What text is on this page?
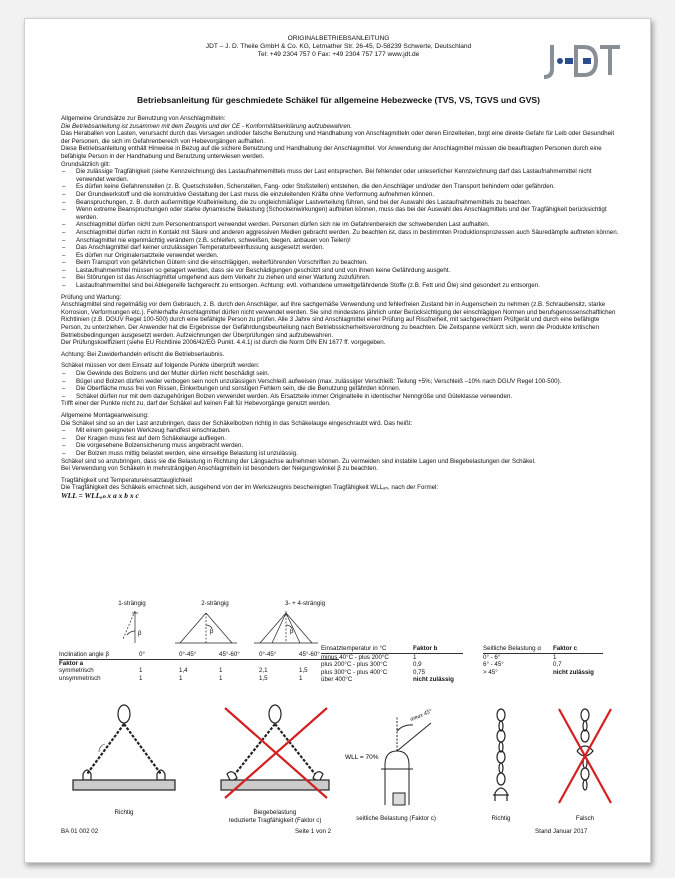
ORIGINALBETRIEBSANLEITUNG
JDT – J. D. Theile GmbH & Co. KG, Letmather Str. 26-45, D-58239 Schwerte, Deutschland
Tel: +49 2304 757 0 Fax: +49 2304 757 177 www.jdt.de
Betriebsanleitung für geschmiedete Schäkel für allgemeine Hebezwecke (TVS, VS, TGVS und GVS)

Allgemeine Grundsätze zur Benutzung von Anschlagmitteln:

Die Betriebsanleitung ist zusammen mit dem Zeugnis und der CE - Konformitätserklärung aufzubewahren.

Das Heraballen von Lasten, verursacht durch das Versagen und/oder falsche Benutzung und Handhabung von Anschlagmitteln oder deren Einzelteilen, birgt eine direkte Gefahr für Leib oder Gesundheit der Personen, die sich im Gefahrenbereich von Hebevorgängen aufhalten.

Diese Betriebsanleitung enthält Hinweise in Bezug auf die sichere Benutzung und Handhabung der Anschlagmittel. Vor Anwendung der Anschlagmittel müssen die beauftragten Personen durch eine befähigte Person in der Handhabung und Benutzung unterwiesen werden.

Grundsätzlich gilt:

– Die zulässige Tragfähigkeit (siehe Kennzeichnung) des Lastaufnahmemittels muss der Last entsprechen. Bei fehlender oder unleserlicher Kennzeichnung darf das Lastaufnahmemittel nicht verwendet werden.

– Es dürfen keine Gefahrenstellen (z. B. Quetschstellen, Scherstellen, Fang- oder Stoßstellen) entstehen, die den Anschläger und/oder den Transport behindern oder gefährden.

– Der Grundwerkstoff und die konstruktive Gestaltung der Last muss die einzuleitenden Kräfte ohne Verformung aufnehmen können.

– Beanspruchungen, z. B. durch außermittige Krafteinleitung, die zu ungleichmäßiger Lastverteilung führen, sind bei der Auswahl des Lastaufnahmemittels zu beachten.

– Wenn extreme Beanspruchungen oder starke dynamische Belastung (Schockeinwirkungen) auftreten können, muss das bei der Auswahl des Anschlagmittels und der Tragfähigkeit berücksichtigt werden.

– Anschlagmittel dürfen nicht zum Personentransport verwendet werden. Personen dürfen sich nie im Gefahrenbereich der schwebenden Last aufhalten.

– Anschlagmittel dürfen nicht in Kontakt mit Säure und anderen aggressiven Medien gebracht werden. Zu beachten ist, dass in bestimmten Produktionsprozessen auch Säuredämpfe auftreten können.

– Anschlagmittel nie eigenmächtig verändern (z.B. schleifen, schweißen, biegen, anbauen von Teilen)!

– Das Anschlagmittel darf keiner unzulässigen Temperaturbeeinflussung ausgesetzt werden.

– Es dürfen nur Originalersatzteile verwendet werden.

– Beim Transport von gefährlichen Gütern sind die einschlägigen, weiterführenden Vorschriften zu beachten.

– Lastaufnahmemittel müssen so gelagert werden, dass sie vor Beschädigungen geschützt sind und von ihnen keine Gefährdung ausgeht.

– Bei Störungen ist das Anschlagmittel umgehend aus dem Verkehr zu ziehen und einer Wartung zuzuführen.

– Lastaufnahmemittel sind bei Ablegereife fachgerecht zu entsorgen. Achtung: evtl. vorhandene umweltgefährdende Stoffe (z.B. Fett und Öle) sind gesondert zu entsorgen.

Prüfung und Wartung:

Anschlagmittel sind regelmäßig vor dem Gebrauch, z. B. durch den Anschläger, auf ihre sachgemäße Verwendung und fehlerfreien Zustand hin in Augenschein zu nehmen (z.B. Schraubensitz, starke Korrosion, Verformungen etc.). Fehlerhafte Anschlagmittel dürfen nicht verwendet werden. Sie sind mindestens jährlich unter Berücksichtigung der einschlägigen Normen und berufsgenossenschaftlichen Richtlinien (z.B. DGUV Regel 100-500) durch eine befähigte Person zu prüfen. Alle 3 Jahre sind Anschlagmittel einer Prüfung auf Rissfreiheit, mit sachgerechtem Prüfgerät und durch eine befähigte Person, zu unterziehen. Der Anwender hat die Ergebnisse der Gefährdungsbeurteilung nach Betriebssicherheitsverordnung zu beachten. Die Zeitspanne verkürzt sich, wenn die Produkte kritischen Betriebsbedingungen ausgesetzt werden. Aufzeichnungen der Überprüfungen sind aufzubewahren.

Der Prüfungskoeffizient (siehe EU Richtlinie 2006/42/EG Punkt. 4.4.1) ist durch die Norm DIN EN 1677 ff. vorgegeben.

Achtung: Bei Zuwiderhandeln erlischt die Betriebserlaubnis.

Schäkel müssen vor dem Einsatz auf folgende Punkte überprüft werden:

– Die Gewinde des Bolzens und der Mutter dürfen nicht beschädigt sein.

– Bügel und Bolzen dürfen weder verbogen sein noch unzulässigen Verschleiß aufweisen (max. zulässiger Verschleiß: Teilung +5%; Verschleiß –10% nach DGUV Regel 100-500).

– Die Oberfläche muss frei von Rissen, Einkerbungen und sonstigen Fehlern sein, die die Benutzung gefährden können.

– Schäkel dürfen nur mit dem dazugehörigen Bolzen verwendet werden. Als Ersatzteile immer Originalteile in identischer Nenngröße und Güteklasse verwenden.

Trifft einer der Punkte nicht zu, darf der Schäkel auf keinen Fall für Hebevorgänge genutzt werden.

Allgemeine Montageanweisung:

Die Schäkel sind so an der Last anzubringen, dass der Schäkelbolzen richtig in das Schäkelauge eingeschraubt wird. Das heißt:

– Mit einem geeigneten Werkzeug handfest einschrauben.

– Der Kragen muss fest auf dem Schäkelauge aufliegen.

– Die vorgesehene Bolzensicherung muss angebracht werden.

– Der Bolzen muss mittig belastet werden, eine einseitige Belastung ist unzulässig.

Schäkel sind so anzubringen, dass sie die Belastung in Richtung der Längsachse aufnehmen können. Zu vermeiden sind instabile Lagen und Biegebelastungen der Schäkel.

Bei Verwendung von Schäkeln in mehrsträngigen Anschlagmitteln ist besonders der Neigungswinkel β zu beachten.

Tragfähigkeit und Temperatureinsatztauglichkeit

Die Tragfähigkeit des Schäkels errechnet sich, ausgehend von der im Werkszeugnis bescheinigten Tragfähigkeit WLLₐₙ, nach der Formel:

WLL = WLLₐₙ x a x b x c

1-strängig	2-strängig	3- + 4-strängig
β	β	β
Inclination angle β	0°	0°-45°	45°-60°	0°-45°	45°-60°
Faktor a					
symmetrisch	1	1,4	1	2,1	1,5
unsymmetrisch	1	1	1	1,5	1
Einsatztemperatur in °C	Faktor b
minus 40°C - plus 200°C	1
plus 200°C - plus 300°C	0,9
plus 300°C - plus 400°C	0,75
über 400°C	nicht zulässig
Seitliche Belastung α	Faktor c
0° - 6°	1
6° - 45°	0,7
> 45°	nicht zulässig
Richtig	Biegebelastung
reduzierte Tragfähigkeit (Faktor c)
αmax 45°
WLL = 70%
seitliche Belastung (Faktor c)	Richtig	Falsch
BA 01 002 02	Seite 1 von 2	Stand Januar 2017
